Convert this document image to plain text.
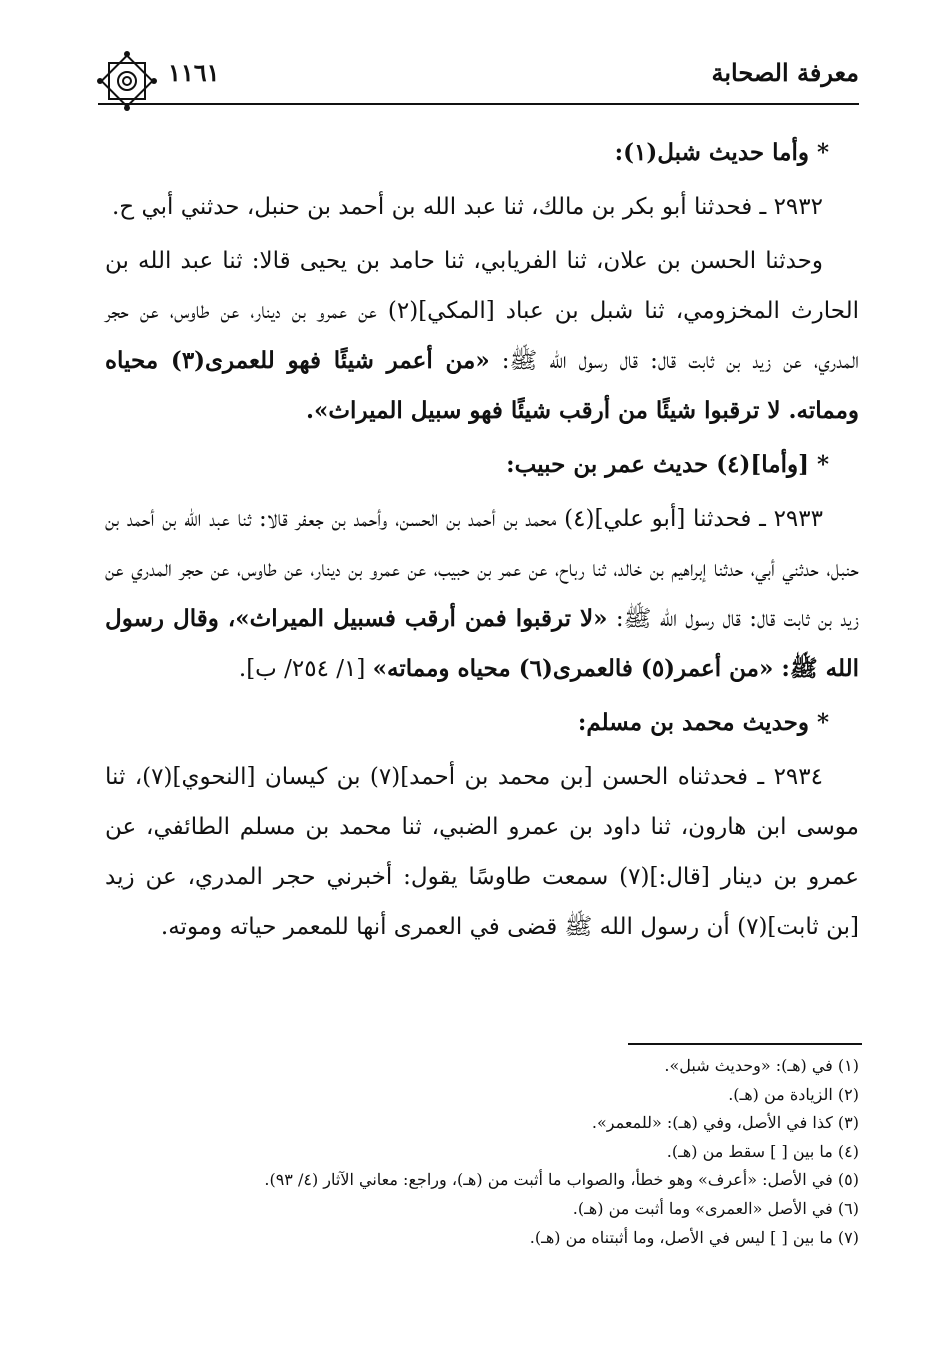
معرفة الصحابة
١١٦١
* وأما حديث شبل(١):

٢٩٣٢ ـ فحدثنا أبو بكر بن مالك، ثنا عبد الله بن أحمد بن حنبل، حدثني أبي ح.

وحدثنا الحسن بن علان، ثنا الفريابي، ثنا حامد بن يحيى قالا: ثنا عبد الله بن الحارث المخزومي، ثنا شبل بن عباد [المكي](٢) عن عمرو بن دينار، عن طاوس، عن حجر المدري، عن زيد بن ثابت قال: قال رسول الله ﷺ: «من أعمر شيئًا فهو للعمرى(٣) محياه ومماته. لا ترقبوا شيئًا من أرقب شيئًا فهو سبيل الميراث».

* [وأما](٤) حديث عمر بن حبيب:

٢٩٣٣ ـ فحدثنا [أبو علي](٤) محمد بن أحمد بن الحسن، وأحمد بن جعفر قالا: ثنا عبد الله بن أحمد بن حنبل، حدثني أبي، حدثنا إبراهيم بن خالد، ثنا رباح، عن عمر بن حبيب، عن عمرو بن دينار، عن طاوس، عن حجر المدري عن زيد بن ثابت قال: قال رسول الله ﷺ: «لا ترقبوا فمن أرقب فسبيل الميراث»، وقال رسول الله ﷺ: «من أعمر(٥) فالعمرى(٦) محياه ومماته» [١/ ٢٥٤/ ب].

* وحديث محمد بن مسلم:

٢٩٣٤ ـ فحدثناه الحسن [بن محمد بن أحمد](٧) بن كيسان [النحوي](٧)، ثنا موسى ابن هارون، ثنا داود بن عمرو الضبي، ثنا محمد بن مسلم الطائفي، عن عمرو بن دينار [قال:](٧) سمعت طاوسًا يقول: أخبرني حجر المدري، عن زيد [بن ثابت](٧) أن رسول الله ﷺ قضى في العمرى أنها للمعمر حياته وموته.

(١) في (هـ): «وحديث شبل».
(٢) الزيادة من (هـ).
(٣) كذا في الأصل، وفي (هـ): «للمعمر».
(٤) ما بين [ ] سقط من (هـ).
(٥) في الأصل: «أعرف» وهو خطأ، والصواب ما أثبت من (هـ)، وراجع: معاني الآثار (٤/ ٩٣).
(٦) في الأصل «العمرى» وما أثبت من (هـ).
(٧) ما بين [ ] ليس في الأصل، وما أثبتناه من (هـ).
